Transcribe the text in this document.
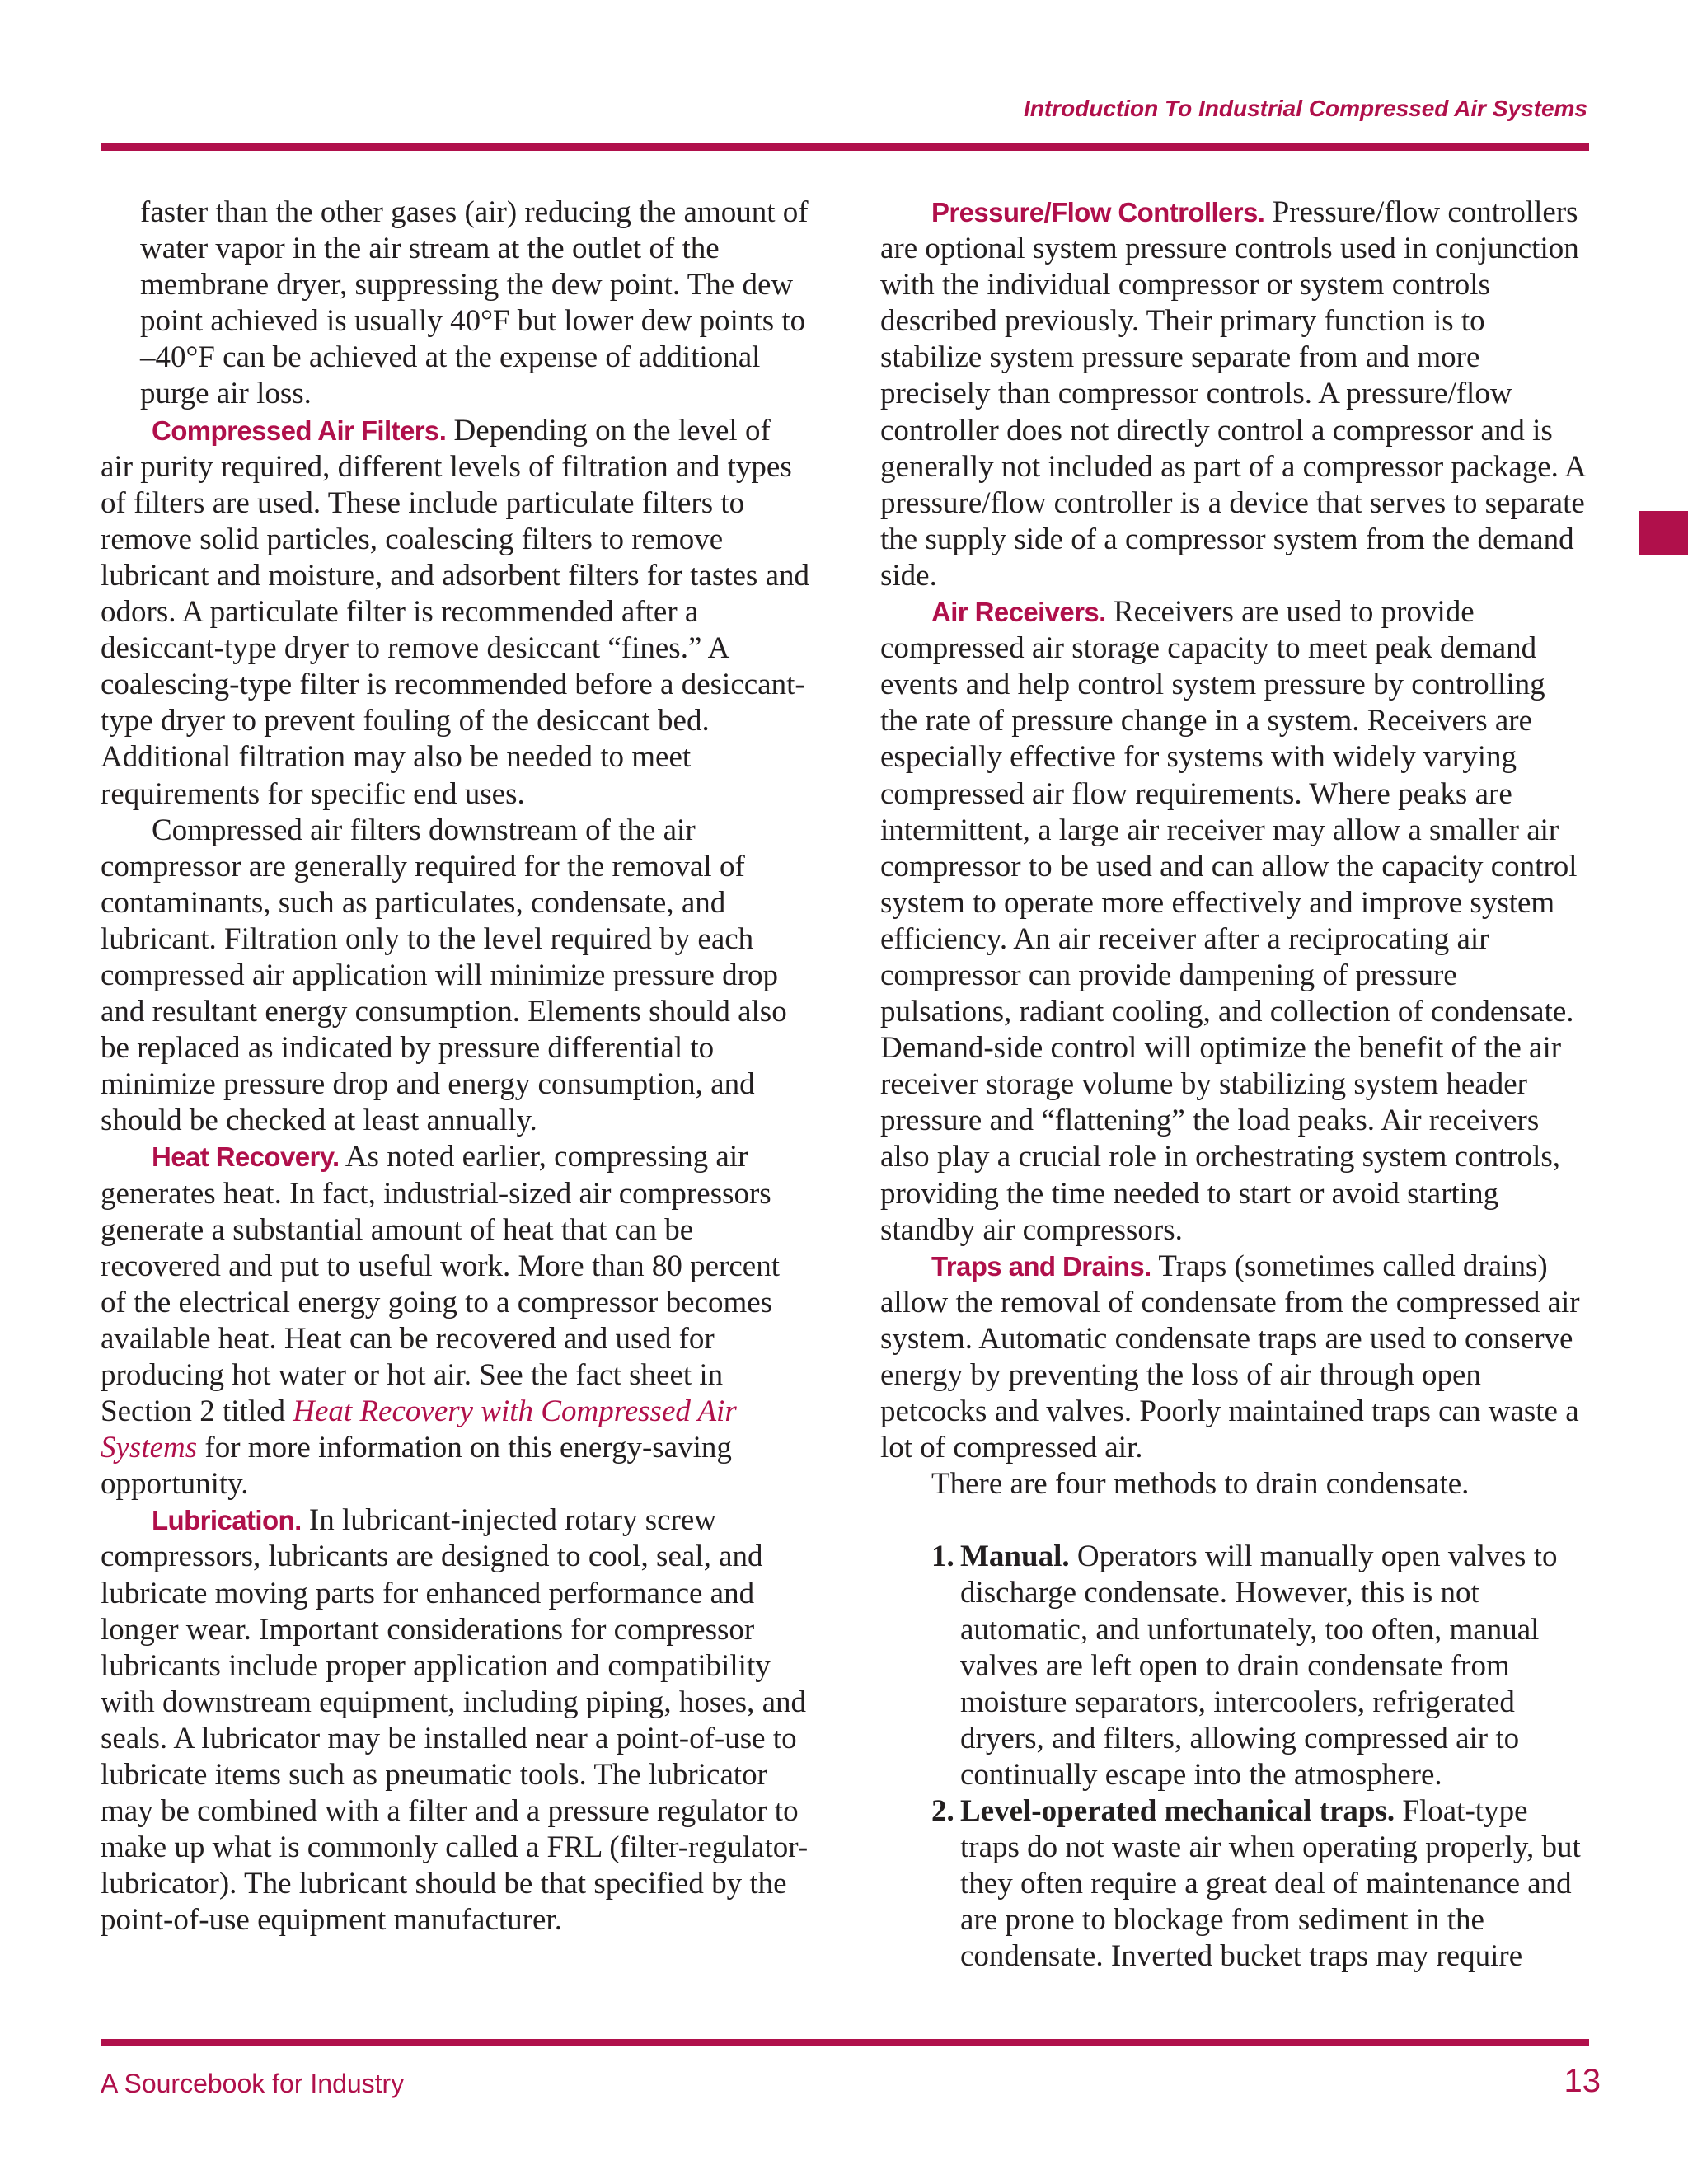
Introduction To Industrial Compressed Air Systems

faster than the other gases (air) reducing the amount of water vapor in the air stream at the outlet of the membrane dryer, suppressing the dew point. The dew point achieved is usually 40°F but lower dew points to –40°F can be achieved at the expense of additional purge air loss.

Compressed Air Filters. Depending on the level of air purity required, different levels of filtration and types of filters are used. These include particulate filters to remove solid particles, coalescing filters to remove lubricant and moisture, and adsorbent filters for tastes and odors. A particulate filter is recommended after a desiccant-type dryer to remove desiccant “fines.” A coalescing-type filter is recommended before a desiccant-type dryer to prevent fouling of the desiccant bed. Additional filtration may also be needed to meet requirements for specific end uses.

Compressed air filters downstream of the air compressor are generally required for the removal of contaminants, such as particulates, condensate, and lubricant. Filtration only to the level required by each compressed air application will minimize pressure drop and resultant energy consumption. Elements should also be replaced as indicated by pressure differential to minimize pressure drop and energy consumption, and should be checked at least annually.

Heat Recovery. As noted earlier, compressing air generates heat. In fact, industrial-sized air compressors generate a substantial amount of heat that can be recovered and put to useful work. More than 80 percent of the electrical energy going to a compressor becomes available heat. Heat can be recovered and used for producing hot water or hot air. See the fact sheet in Section 2 titled Heat Recovery with Compressed Air Systems for more information on this energy-saving opportunity.

Lubrication. In lubricant-injected rotary screw compressors, lubricants are designed to cool, seal, and lubricate moving parts for enhanced performance and longer wear. Important considerations for compressor lubricants include proper application and compatibility with downstream equipment, including piping, hoses, and seals. A lubricator may be installed near a point-of-use to lubricate items such as pneumatic tools. The lubricator may be combined with a filter and a pressure regulator to make up what is commonly called a FRL (filter-regulator-lubricator). The lubricant should be that specified by the point-of-use equipment manufacturer.

Pressure/Flow Controllers. Pressure/flow controllers are optional system pressure controls used in conjunction with the individual compressor or system controls described previously. Their primary function is to stabilize system pressure separate from and more precisely than compressor controls. A pressure/flow controller does not directly control a compressor and is generally not included as part of a compressor package. A pressure/flow controller is a device that serves to separate the supply side of a compressor system from the demand side.

Air Receivers. Receivers are used to provide compressed air storage capacity to meet peak demand events and help control system pressure by controlling the rate of pressure change in a system. Receivers are especially effective for systems with widely varying compressed air flow requirements. Where peaks are intermittent, a large air receiver may allow a smaller air compressor to be used and can allow the capacity control system to operate more effectively and improve system efficiency. An air receiver after a reciprocating air compressor can provide dampening of pressure pulsations, radiant cooling, and collection of condensate. Demand-side control will optimize the benefit of the air receiver storage volume by stabilizing system header pressure and “flattening” the load peaks. Air receivers also play a crucial role in orchestrating system controls, providing the time needed to start or avoid starting standby air compressors.

Traps and Drains. Traps (sometimes called drains) allow the removal of condensate from the compressed air system. Automatic condensate traps are used to conserve energy by preventing the loss of air through open petcocks and valves. Poorly maintained traps can waste a lot of compressed air.

There are four methods to drain condensate.

1. Manual. Operators will manually open valves to discharge condensate. However, this is not automatic, and unfortunately, too often, manual valves are left open to drain condensate from moisture separators, intercoolers, refrigerated dryers, and filters, allowing compressed air to continually escape into the atmosphere.
2. Level-operated mechanical traps. Float-type traps do not waste air when operating properly, but they often require a great deal of maintenance and are prone to blockage from sediment in the condensate. Inverted bucket traps may require
A Sourcebook for Industry	13
